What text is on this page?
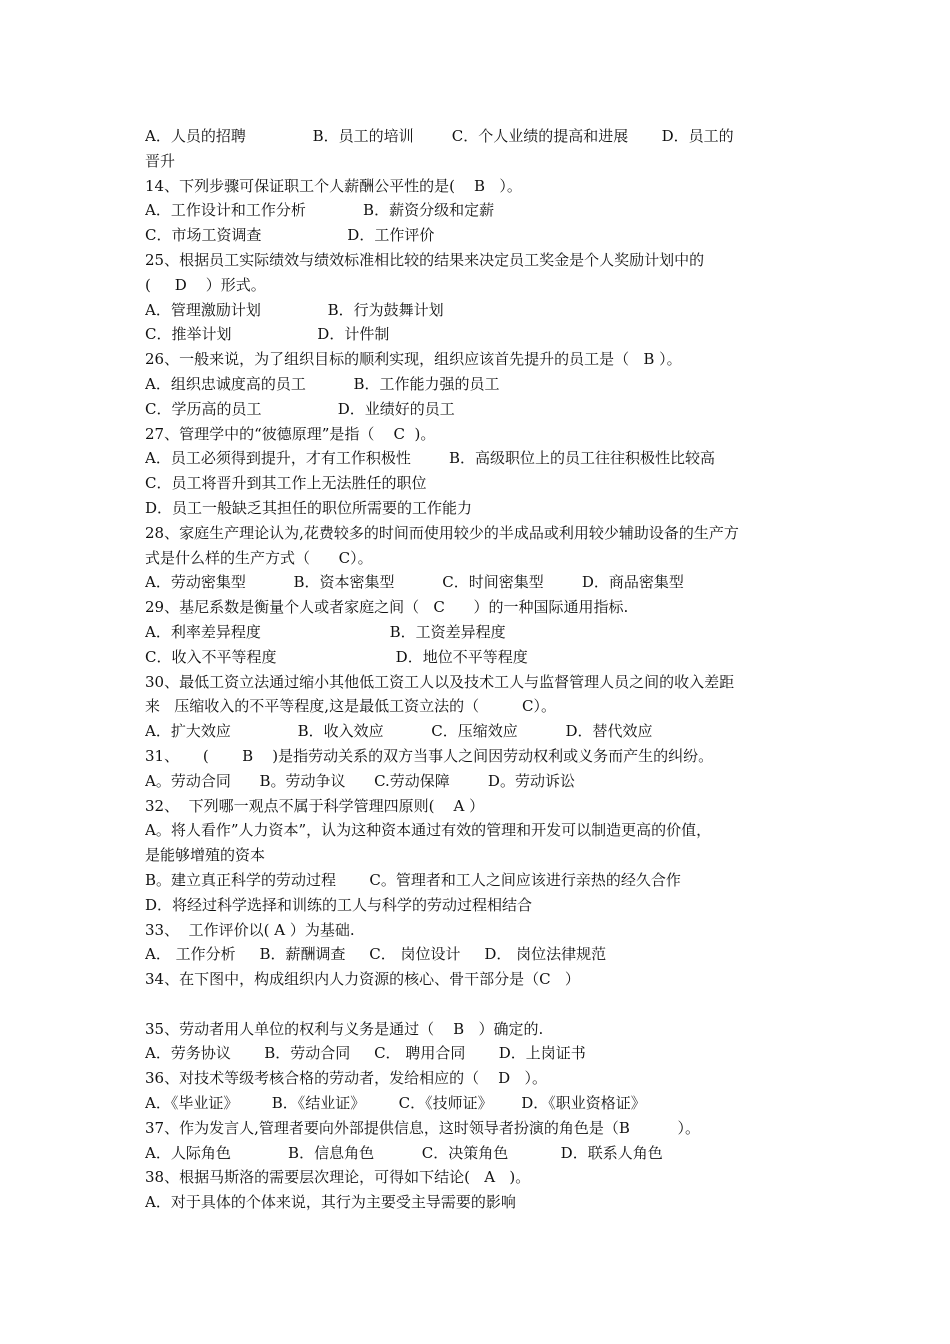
A．人员的招聘              B．员工的培训        C．个人业绩的提高和进展       D．员工的
晋升
14、下列步骤可保证职工个人薪酬公平性的是(    B   ）。
A．工作设计和工作分析            B．薪资分级和定薪
C．市场工资调查                  D．工作评价
25、根据员工实际绩效与绩效标准相比较的结果来决定员工奖金是个人奖励计划中的
(     D    ）形式。
A．管理激励计划              B．行为鼓舞计划
C．推举计划                  D．计件制
26、一般来说，为了组织目标的顺利实现，组织应该首先提升的员工是（   B ）。
A．组织忠诚度高的员工          B．工作能力强的员工
C．学历高的员工                D．业绩好的员工
27、管理学中的“彼德原理”是指（    C  )。
A．员工必须得到提升，才有工作积极性        B．高级职位上的员工往往积极性比较高
C．员工将晋升到其工作上无法胜任的职位
D．员工一般缺乏其担任的职位所需要的工作能力
28、家庭生产理论认为,花费较多的时间而使用较少的半成品或利用较少辅助设备的生产方
式是什么样的生产方式（      C）。
A．劳动密集型          B．资本密集型          C．时间密集型        D．商品密集型
29、基尼系数是衡量个人或者家庭之间（   C      ）的一种国际通用指标.
A．利率差异程度                           B．工资差异程度
C．收入不平等程度                         D．地位不平等程度
30、最低工资立法通过缩小其他低工资工人以及技术工人与监督管理人员之间的收入差距
来   压缩收入的不平等程度,这是最低工资立法的（         C）。
A．扩大效应              B．收入效应          C．压缩效应          D．替代效应
31、     (       B    )是指劳动关系的双方当事人之间因劳动权利或义务而产生的纠纷。
A。劳动合同      B。劳动争议      C.劳动保障        D。劳动诉讼
32、  下列哪一观点不属于科学管理四原则(    A ）
A。将人看作”人力资本”，认为这种资本通过有效的管理和开发可以制造更高的价值，
是能够增殖的资本
B。建立真正科学的劳动过程       C。管理者和工人之间应该进行亲热的经久合作
D．将经过科学选择和训练的工人与科学的劳动过程相结合
33、  工作评价以( A ）为基础.
A． 工作分析     B．薪酬调查     C． 岗位设计     D． 岗位法律规范
34、在下图中，构成组织内人力资源的核心、骨干部分是（C   ）
35、劳动者用人单位的权利与义务是通过（    B   ）确定的.
A．劳务协议       B．劳动合同     C． 聘用合同       D．上岗证书
36、对技术等级考核合格的劳动者，发给相应的（    D   ）。
A．《毕业证》       B．《结业证》       C．《技师证》      D．《职业资格证》
37、作为发言人,管理者要向外部提供信息，这时领导者扮演的角色是（B          ）。
A．人际角色            B．信息角色          C．决策角色           D．联系人角色
38、根据马斯洛的需要层次理论，可得如下结论(   A   )。
A．对于具体的个体来说，其行为主要受主导需要的影响
